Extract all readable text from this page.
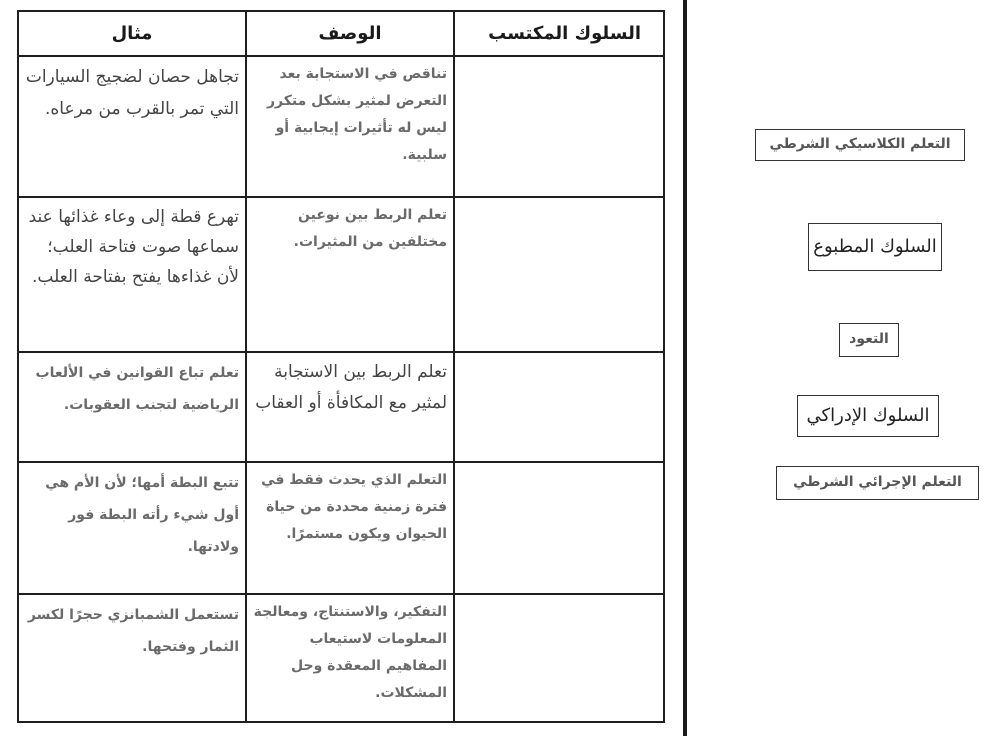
السلوك المكتسب	الوصف	مثال
	تناقص في الاستجابة بعد التعرض لمثير بشكل متكرر ليس له تأثيرات إيجابية أو سلبية.	تجاهل حصان لضجيج السيارات التي تمر بالقرب من مرعاه.
	تعلم الربط بين نوعين مختلفين من المثيرات.	تهرع قطة إلى وعاء غذائها عند سماعها صوت فتاحة العلب؛ لأن غذاءها يفتح بفتاحة العلب.
	تعلم الربط بين الاستجابة لمثير مع المكافأة أو العقاب	تعلم تباع القوانين في الألعاب الرياضية لتجنب العقوبات.
	التعلم الذي يحدث فقط في فترة زمنية محددة من حياة الحيوان ويكون مستمرًا.	تتبع البطة أمها؛ لأن الأم هي أول شيء رأته البطة فور ولادتها.
	التفكير، والاستنتاج، ومعالجة المعلومات لاستيعاب المفاهيم المعقدة وحل المشكلات.	تستعمل الشمبانزي حجرًا لكسر الثمار وفتحها.
التعلم الكلاسيكي الشرطي
السلوك المطبوع
التعود
السلوك الإدراكي
التعلم الإجرائي الشرطي
